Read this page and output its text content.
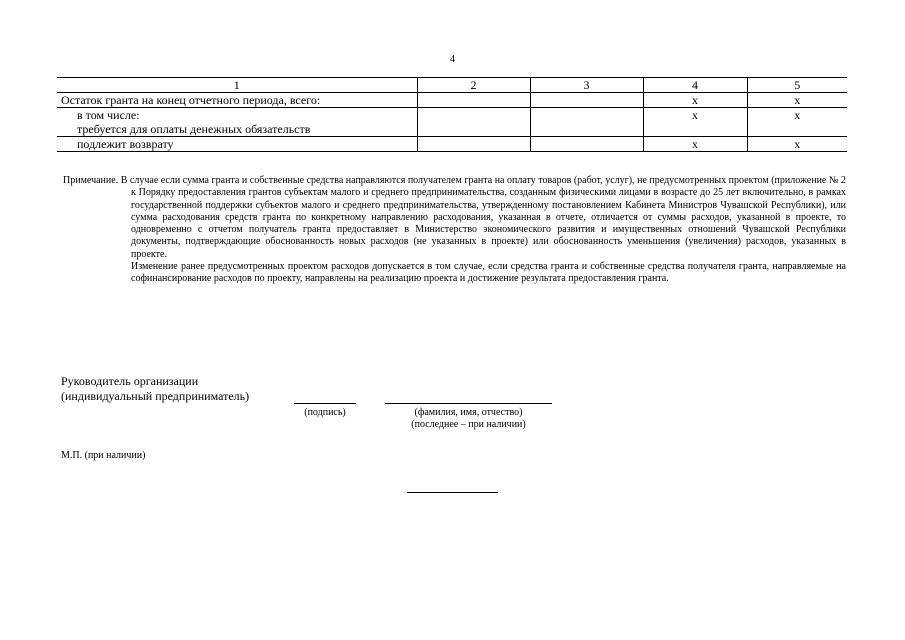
4
1	2	3	4	5
Остаток гранта на конец отчетного периода, всего:			х	х

в том числе:
требуется для оплаты денежных обязательств			х	х
подлежит возврату			х	х

Примечание. В случае если сумма гранта и собственные средства направляются получателем гранта на оплату товаров (работ, услуг), не предусмотренных проектом (приложение № 2 к Порядку предоставления грантов субъектам малого и среднего предпринимательства, созданным физическими лицами в возрасте до 25 лет включительно, в рамках государственной поддержки субъектов малого и среднего предпринимательства, утвержденному постановлением Кабинета Министров Чувашской Республики), или сумма расходования средств гранта по конкретному направлению расходования, указанная в отчете, отличается от суммы расходов, указанной в проекте, то одновременно с отчетом получатель гранта предоставляет в Министерство экономического развития и имущественных отношений Чувашской Республики документы, подтверждающие обоснованность новых расходов (не указанных в проекте) или обоснованность уменьшения (увеличения) расходов, указанных в проекте.

Изменение ранее предусмотренных проектом расходов допускается в том случае, если средства гранта и собственные средства получателя гранта, направляемые на софинансирование расходов по проекту, направлены на реализацию проекта и достижение результата предоставления гранта.

Руководитель организации
(индивидуальный предприниматель)
(подпись)	(фамилия, имя, отчество)
(последнее – при наличии)
М.П. (при наличии)
